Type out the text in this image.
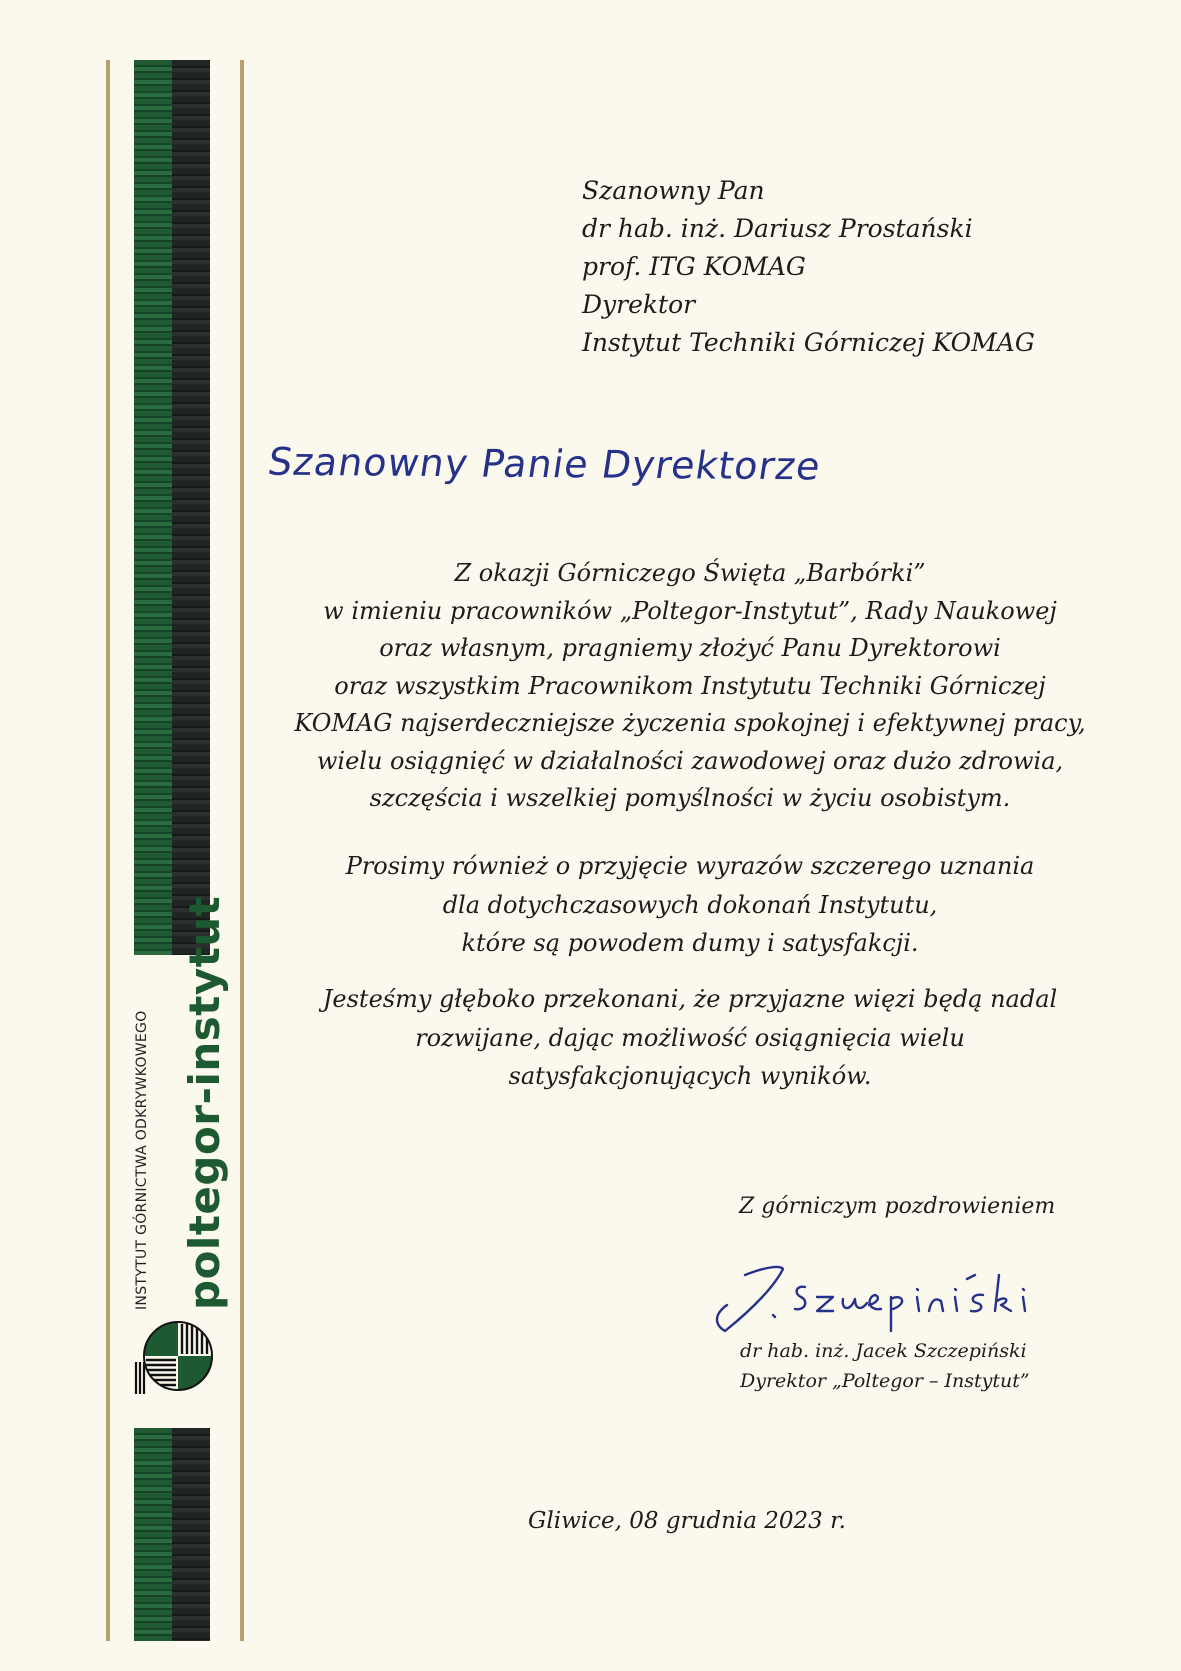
INSTYTUT GÓRNICTWA ODKRYWKOWEGO poltegor-instytut
Szanowny Pan
dr hab. inż. Dariusz Prostański
prof. ITG KOMAG
Dyrektor
Instytut Techniki Górniczej KOMAG
Szanowny Panie Dyrektorze
Z okazji Górniczego Święta „Barbórki”
w imieniu pracowników „Poltegor-Instytut”, Rady Naukowej
oraz własnym, pragniemy złożyć Panu Dyrektorowi
oraz wszystkim Pracownikom Instytutu Techniki Górniczej
KOMAG najserdeczniejsze życzenia spokojnej i efektywnej pracy,
wielu osiągnięć w działalności zawodowej oraz dużo zdrowia,
szczęścia i wszelkiej pomyślności w życiu osobistym.
Prosimy również o przyjęcie wyrazów szczerego uznania
dla dotychczasowych dokonań Instytutu,
które są powodem dumy i satysfakcji.
Jesteśmy głęboko przekonani, że przyjazne więzi będą nadal
rozwijane, dając możliwość osiągnięcia wielu
satysfakcjonujących wyników.
Z górniczym pozdrowieniem
dr hab. inż. Jacek Szczepiński
Dyrektor „Poltegor – Instytut”
Gliwice, 08 grudnia 2023 r.
